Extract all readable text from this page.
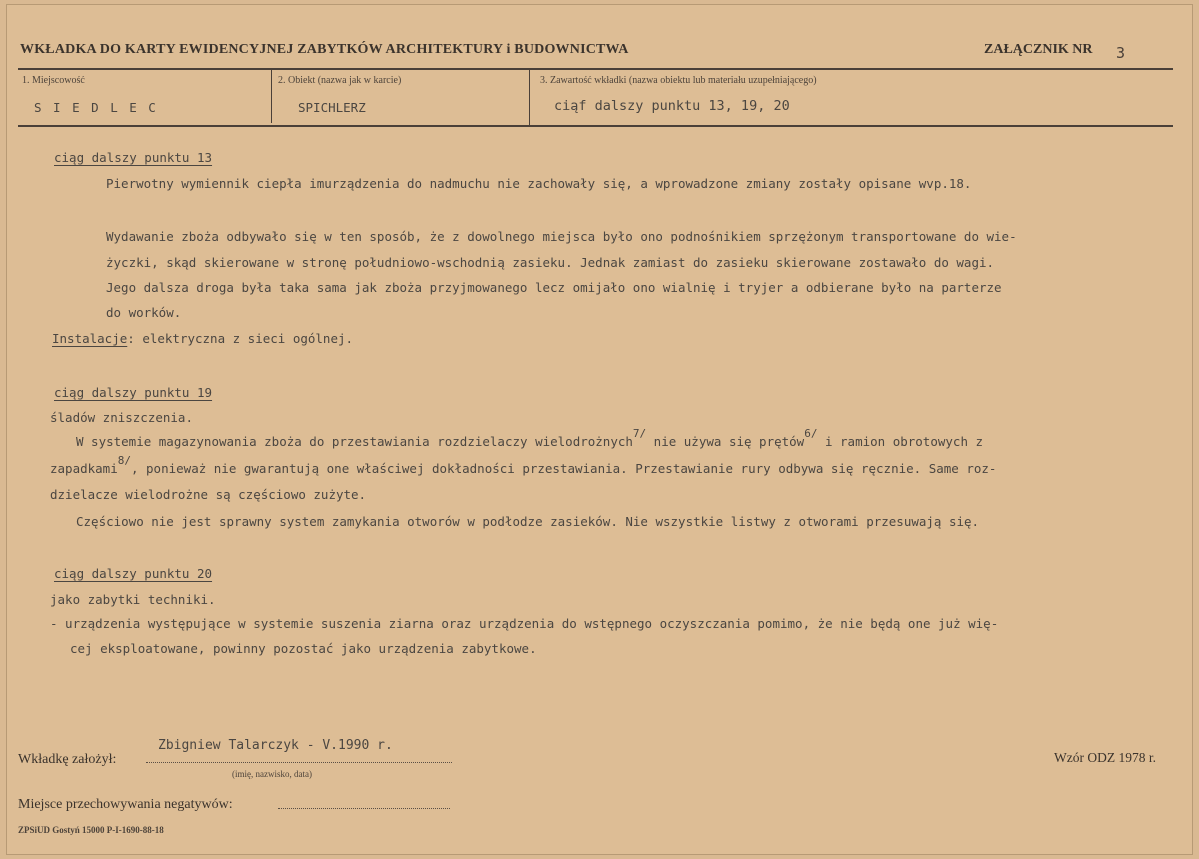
WKŁADKA DO KARTY EWIDENCYJNEJ ZABYTKÓW ARCHITEKTURY i BUDOWNICTWA	ZAŁĄCZNIK NR 3
1. Miejscowość
S I E D L E C
2. Obiekt (nazwa jak w karcie)
SPICHLERZ
3. Zawartość wkładki (nazwa obiektu lub materiału uzupełniającego)
ciąf dalszy punktu 13, 19, 20
ciąg dalszy punktu 13
Pierwotny wymiennik ciepła imurządzenia do nadmuchu nie zachowały się, a wprowadzone zmiany zostały opisane wvp.18.
Wydawanie zboża odbywało się w ten sposób, że z dowolnego miejsca było ono podnośnikiem sprzężonym transportowane do wie-
życzki, skąd skierowane w stronę południowo-wschodnią zasieku. Jednak zamiast do zasieku skierowane zostawało do wagi.
Jego dalsza droga była taka sama jak zboża przyjmowanego lecz omijało ono wialnię i tryjer a odbierane było na parterze
do worków.
Instalacje: elektryczna z sieci ogólnej.
ciąg dalszy punktu 19
śladów zniszczenia.
W systemie magazynowania zboża do przestawiania rozdzielaczy wielodrożnych7/ nie używa się prętów6/ i ramion obrotowych z
zapadkami8/, ponieważ nie gwarantują one właściwej dokładności przestawiania. Przestawianie rury odbywa się ręcznie. Same roz-
dzielacze wielodrożne są częściowo zużyte.
Częściowo nie jest sprawny system zamykania otworów w podłodze zasieków. Nie wszystkie listwy z otworami przesuwają się.
ciąg dalszy punktu 20
jako zabytki techniki.
- urządzenia występujące w systemie suszenia ziarna oraz urządzenia do wstępnego oczyszczania pomimo, że nie będą one już wię-
cej eksploatowane, powinny pozostać jako urządzenia zabytkowe.
Zbigniew Talarczyk - V.1990 r.
Wkładkę założył:
(imię, nazwisko, data)
Wzór ODZ 1978 r.
Miejsce przechowywania negatywów:
ZPSiUD Gostyń 15000 P-I-1690-88-18
